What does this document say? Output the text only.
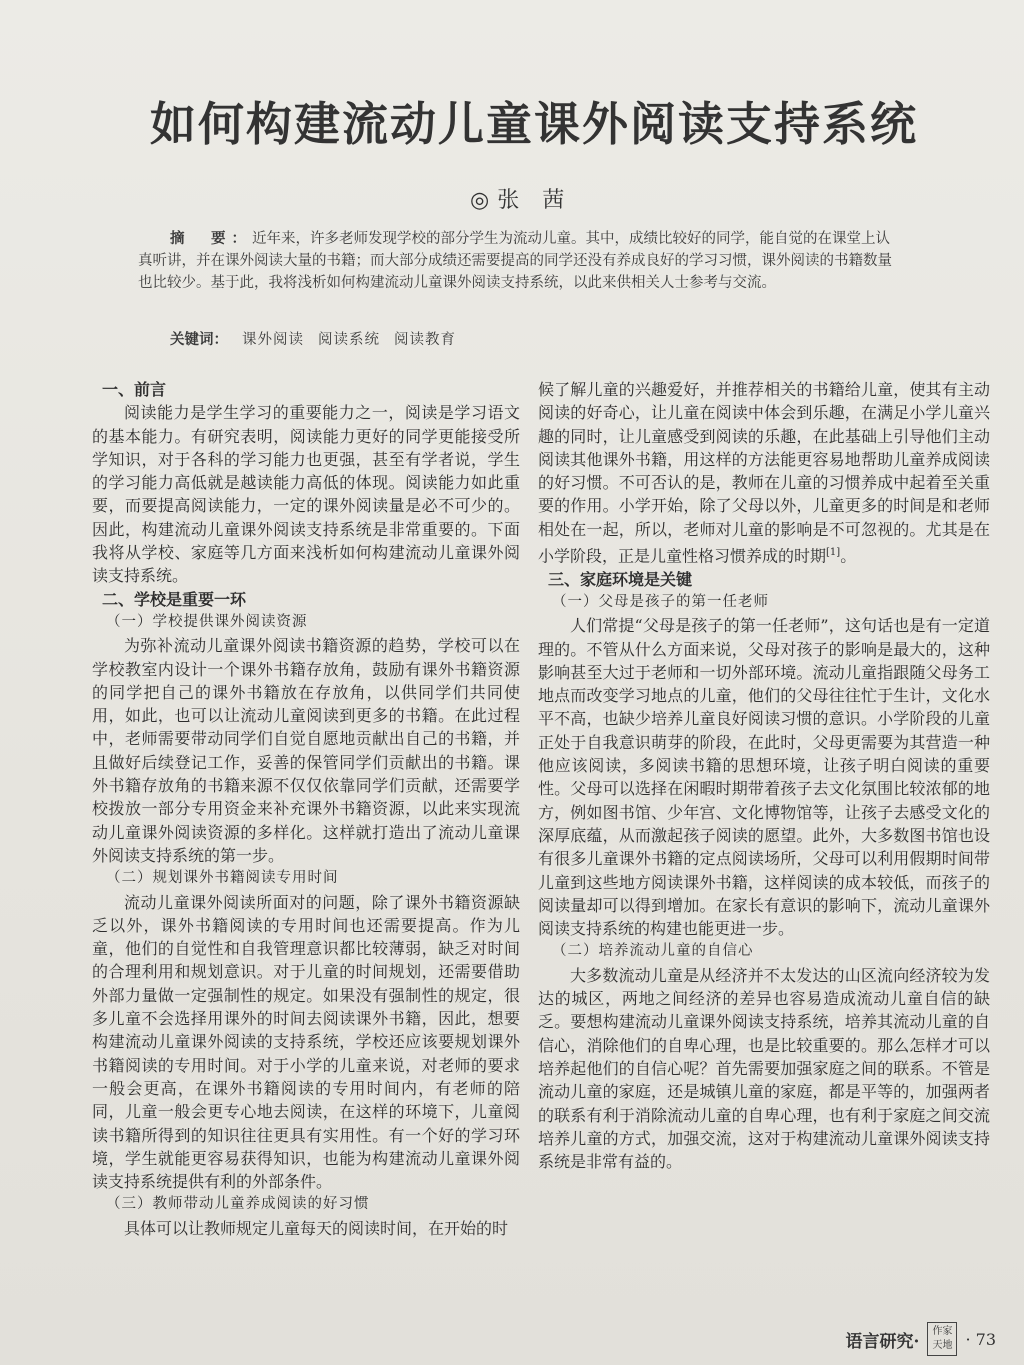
如何构建流动儿童课外阅读支持系统
◎张 茜
摘　要：近年来，许多老师发现学校的部分学生为流动儿童。其中，成绩比较好的同学，能自觉的在课堂上认真听讲，并在课外阅读大量的书籍；而大部分成绩还需要提高的同学还没有养成良好的学习习惯，课外阅读的书籍数量也比较少。基于此，我将浅析如何构建流动儿童课外阅读支持系统，以此来供相关人士参考与交流。
关键词： 课外阅读 阅读系统 阅读教育
一、前言

阅读能力是学生学习的重要能力之一，阅读是学习语文的基本能力。有研究表明，阅读能力更好的同学更能接受所学知识，对于各科的学习能力也更强，甚至有学者说，学生的学习能力高低就是越读能力高低的体现。阅读能力如此重要，而要提高阅读能力，一定的课外阅读量是必不可少的。因此，构建流动儿童课外阅读支持系统是非常重要的。下面我将从学校、家庭等几方面来浅析如何构建流动儿童课外阅读支持系统。

二、学校是重要一环
（一）学校提供课外阅读资源

为弥补流动儿童课外阅读书籍资源的趋势，学校可以在学校教室内设计一个课外书籍存放角，鼓励有课外书籍资源的同学把自己的课外书籍放在存放角，以供同学们共同使用，如此，也可以让流动儿童阅读到更多的书籍。在此过程中，老师需要带动同学们自觉自愿地贡献出自己的书籍，并且做好后续登记工作，妥善的保管同学们贡献出的书籍。课外书籍存放角的书籍来源不仅仅依靠同学们贡献，还需要学校拨放一部分专用资金来补充课外书籍资源，以此来实现流动儿童课外阅读资源的多样化。这样就打造出了流动儿童课外阅读支持系统的第一步。

（二）规划课外书籍阅读专用时间

流动儿童课外阅读所面对的问题，除了课外书籍资源缺乏以外，课外书籍阅读的专用时间也还需要提高。作为儿童，他们的自觉性和自我管理意识都比较薄弱，缺乏对时间的合理利用和规划意识。对于儿童的时间规划，还需要借助外部力量做一定强制性的规定。如果没有强制性的规定，很多儿童不会选择用课外的时间去阅读课外书籍，因此，想要构建流动儿童课外阅读的支持系统，学校还应该要规划课外书籍阅读的专用时间。对于小学的儿童来说，对老师的要求一般会更高，在课外书籍阅读的专用时间内，有老师的陪同，儿童一般会更专心地去阅读，在这样的环境下，儿童阅读书籍所得到的知识往往更具有实用性。有一个好的学习环境，学生就能更容易获得知识，也能为构建流动儿童课外阅读支持系统提供有利的外部条件。

（三）教师带动儿童养成阅读的好习惯

具体可以让教师规定儿童每天的阅读时间，在开始的时

候了解儿童的兴趣爱好，并推荐相关的书籍给儿童，使其有主动阅读的好奇心，让儿童在阅读中体会到乐趣，在满足小学儿童兴趣的同时，让儿童感受到阅读的乐趣，在此基础上引导他们主动阅读其他课外书籍，用这样的方法能更容易地帮助儿童养成阅读的好习惯。不可否认的是，教师在儿童的习惯养成中起着至关重要的作用。小学开始，除了父母以外，儿童更多的时间是和老师相处在一起，所以，老师对儿童的影响是不可忽视的。尤其是在小学阶段，正是儿童性格习惯养成的时期[1]。

三、家庭环境是关键
（一）父母是孩子的第一任老师

人们常提“父母是孩子的第一任老师”，这句话也是有一定道理的。不管从什么方面来说，父母对孩子的影响是最大的，这种影响甚至大过于老师和一切外部环境。流动儿童指跟随父母务工地点而改变学习地点的儿童，他们的父母往往忙于生计，文化水平不高，也缺少培养儿童良好阅读习惯的意识。小学阶段的儿童正处于自我意识萌芽的阶段，在此时，父母更需要为其营造一种他应该阅读，多阅读书籍的思想环境，让孩子明白阅读的重要性。父母可以选择在闲暇时期带着孩子去文化氛围比较浓郁的地方，例如图书馆、少年宫、文化博物馆等，让孩子去感受文化的深厚底蕴，从而激起孩子阅读的愿望。此外，大多数图书馆也设有很多儿童课外书籍的定点阅读场所，父母可以利用假期时间带儿童到这些地方阅读课外书籍，这样阅读的成本较低，而孩子的阅读量却可以得到增加。在家长有意识的影响下，流动儿童课外阅读支持系统的构建也能更进一步。

（二）培养流动儿童的自信心

大多数流动儿童是从经济并不太发达的山区流向经济较为发达的城区，两地之间经济的差异也容易造成流动儿童自信的缺乏。要想构建流动儿童课外阅读支持系统，培养其流动儿童的自信心，消除他们的自卑心理，也是比较重要的。那么怎样才可以培养起他们的自信心呢？首先需要加强家庭之间的联系。不管是流动儿童的家庭，还是城镇儿童的家庭，都是平等的，加强两者的联系有利于消除流动儿童的自卑心理，也有利于家庭之间交流培养儿童的方式，加强交流，这对于构建流动儿童课外阅读支持系统是非常有益的。

语言研究·	作家天地 · 73
